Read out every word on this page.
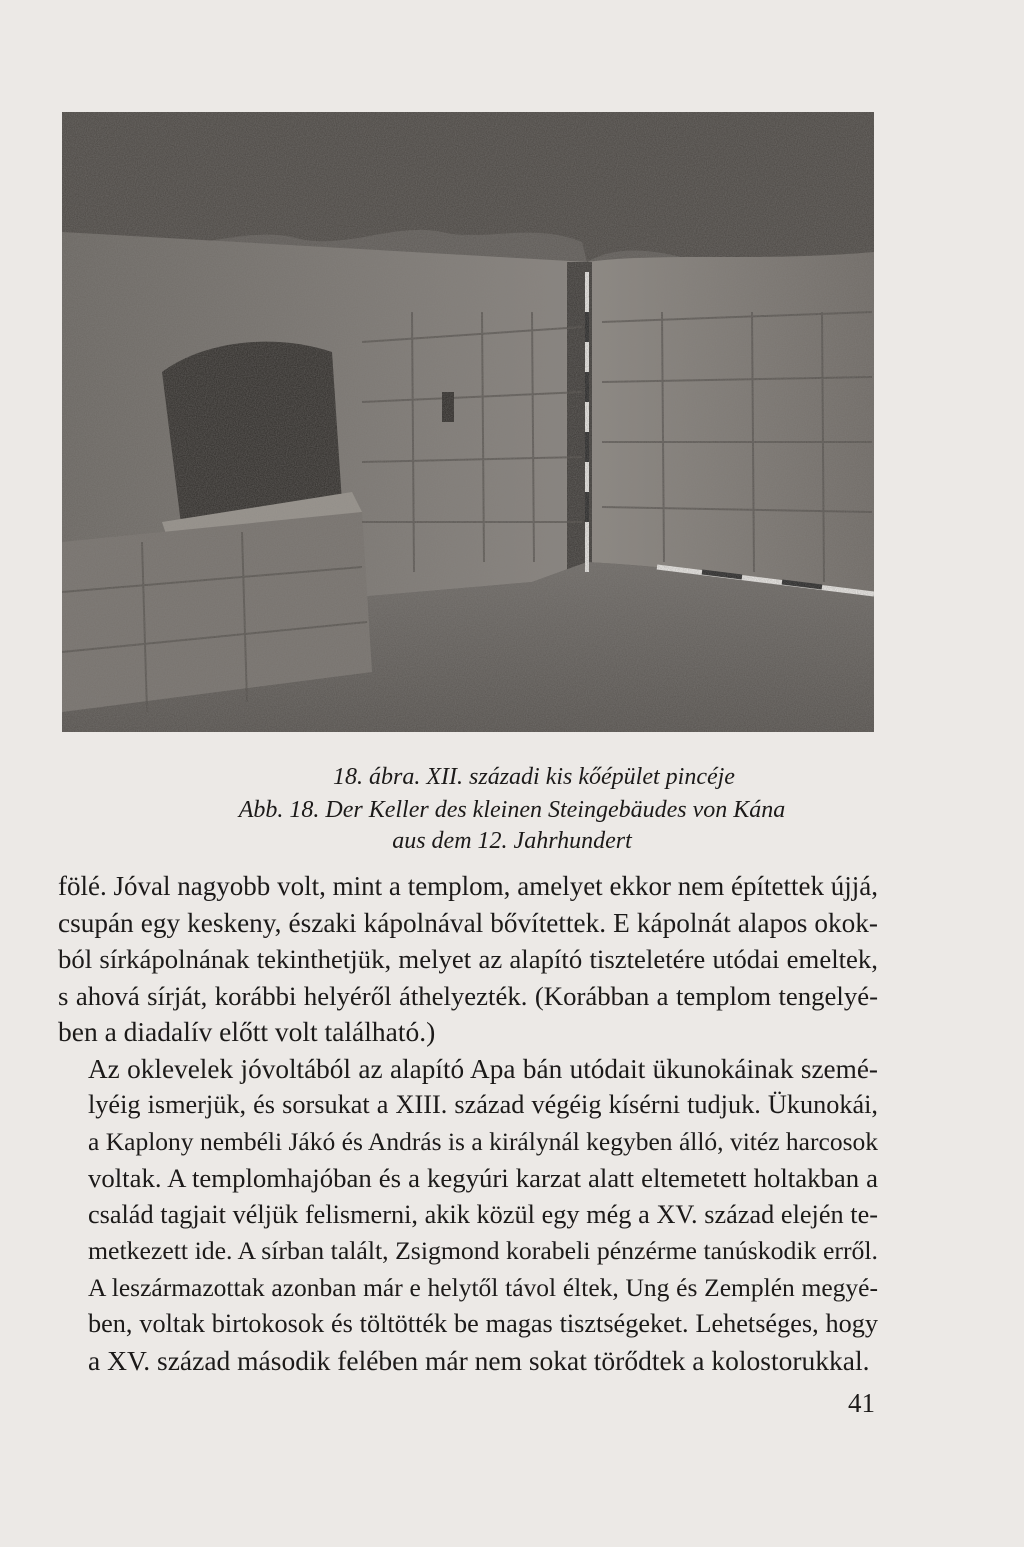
18. ábra. XII. századi kis kőépület pincéje
Abb. 18. Der Keller des kleinen Steingebäudes von Kána
aus dem 12. Jahrhundert

fölé. Jóval nagyobb volt, mint a templom, amelyet ekkor nem építettek újjá,
csupán egy keskeny, északi kápolnával bővítettek. E kápolnát alapos okok-
ból sírkápolnának tekinthetjük, melyet az alapító tiszteletére utódai emeltek,
s ahová sírját, korábbi helyéről áthelyezték. (Korábban a templom tengelyé-
ben a diadalív előtt volt található.)

Az oklevelek jóvoltából az alapító Apa bán utódait ükunokáinak szemé-
lyéig ismerjük, és sorsukat a XIII. század végéig kísérni tudjuk. Ükunokái,
a Kaplony nembéli Jákó és András is a királynál kegyben álló, vitéz harcosok
voltak. A templomhajóban és a kegyúri karzat alatt eltemetett holtakban a
család tagjait véljük felismerni, akik közül egy még a XV. század elején te-
metkezett ide. A sírban talált, Zsigmond korabeli pénzérme tanúskodik erről.
A leszármazottak azonban már e helytől távol éltek, Ung és Zemplén megyé-
ben, voltak birtokosok és töltötték be magas tisztségeket. Lehetséges, hogy
a XV. század második felében már nem sokat törődtek a kolostorukkal.

41
